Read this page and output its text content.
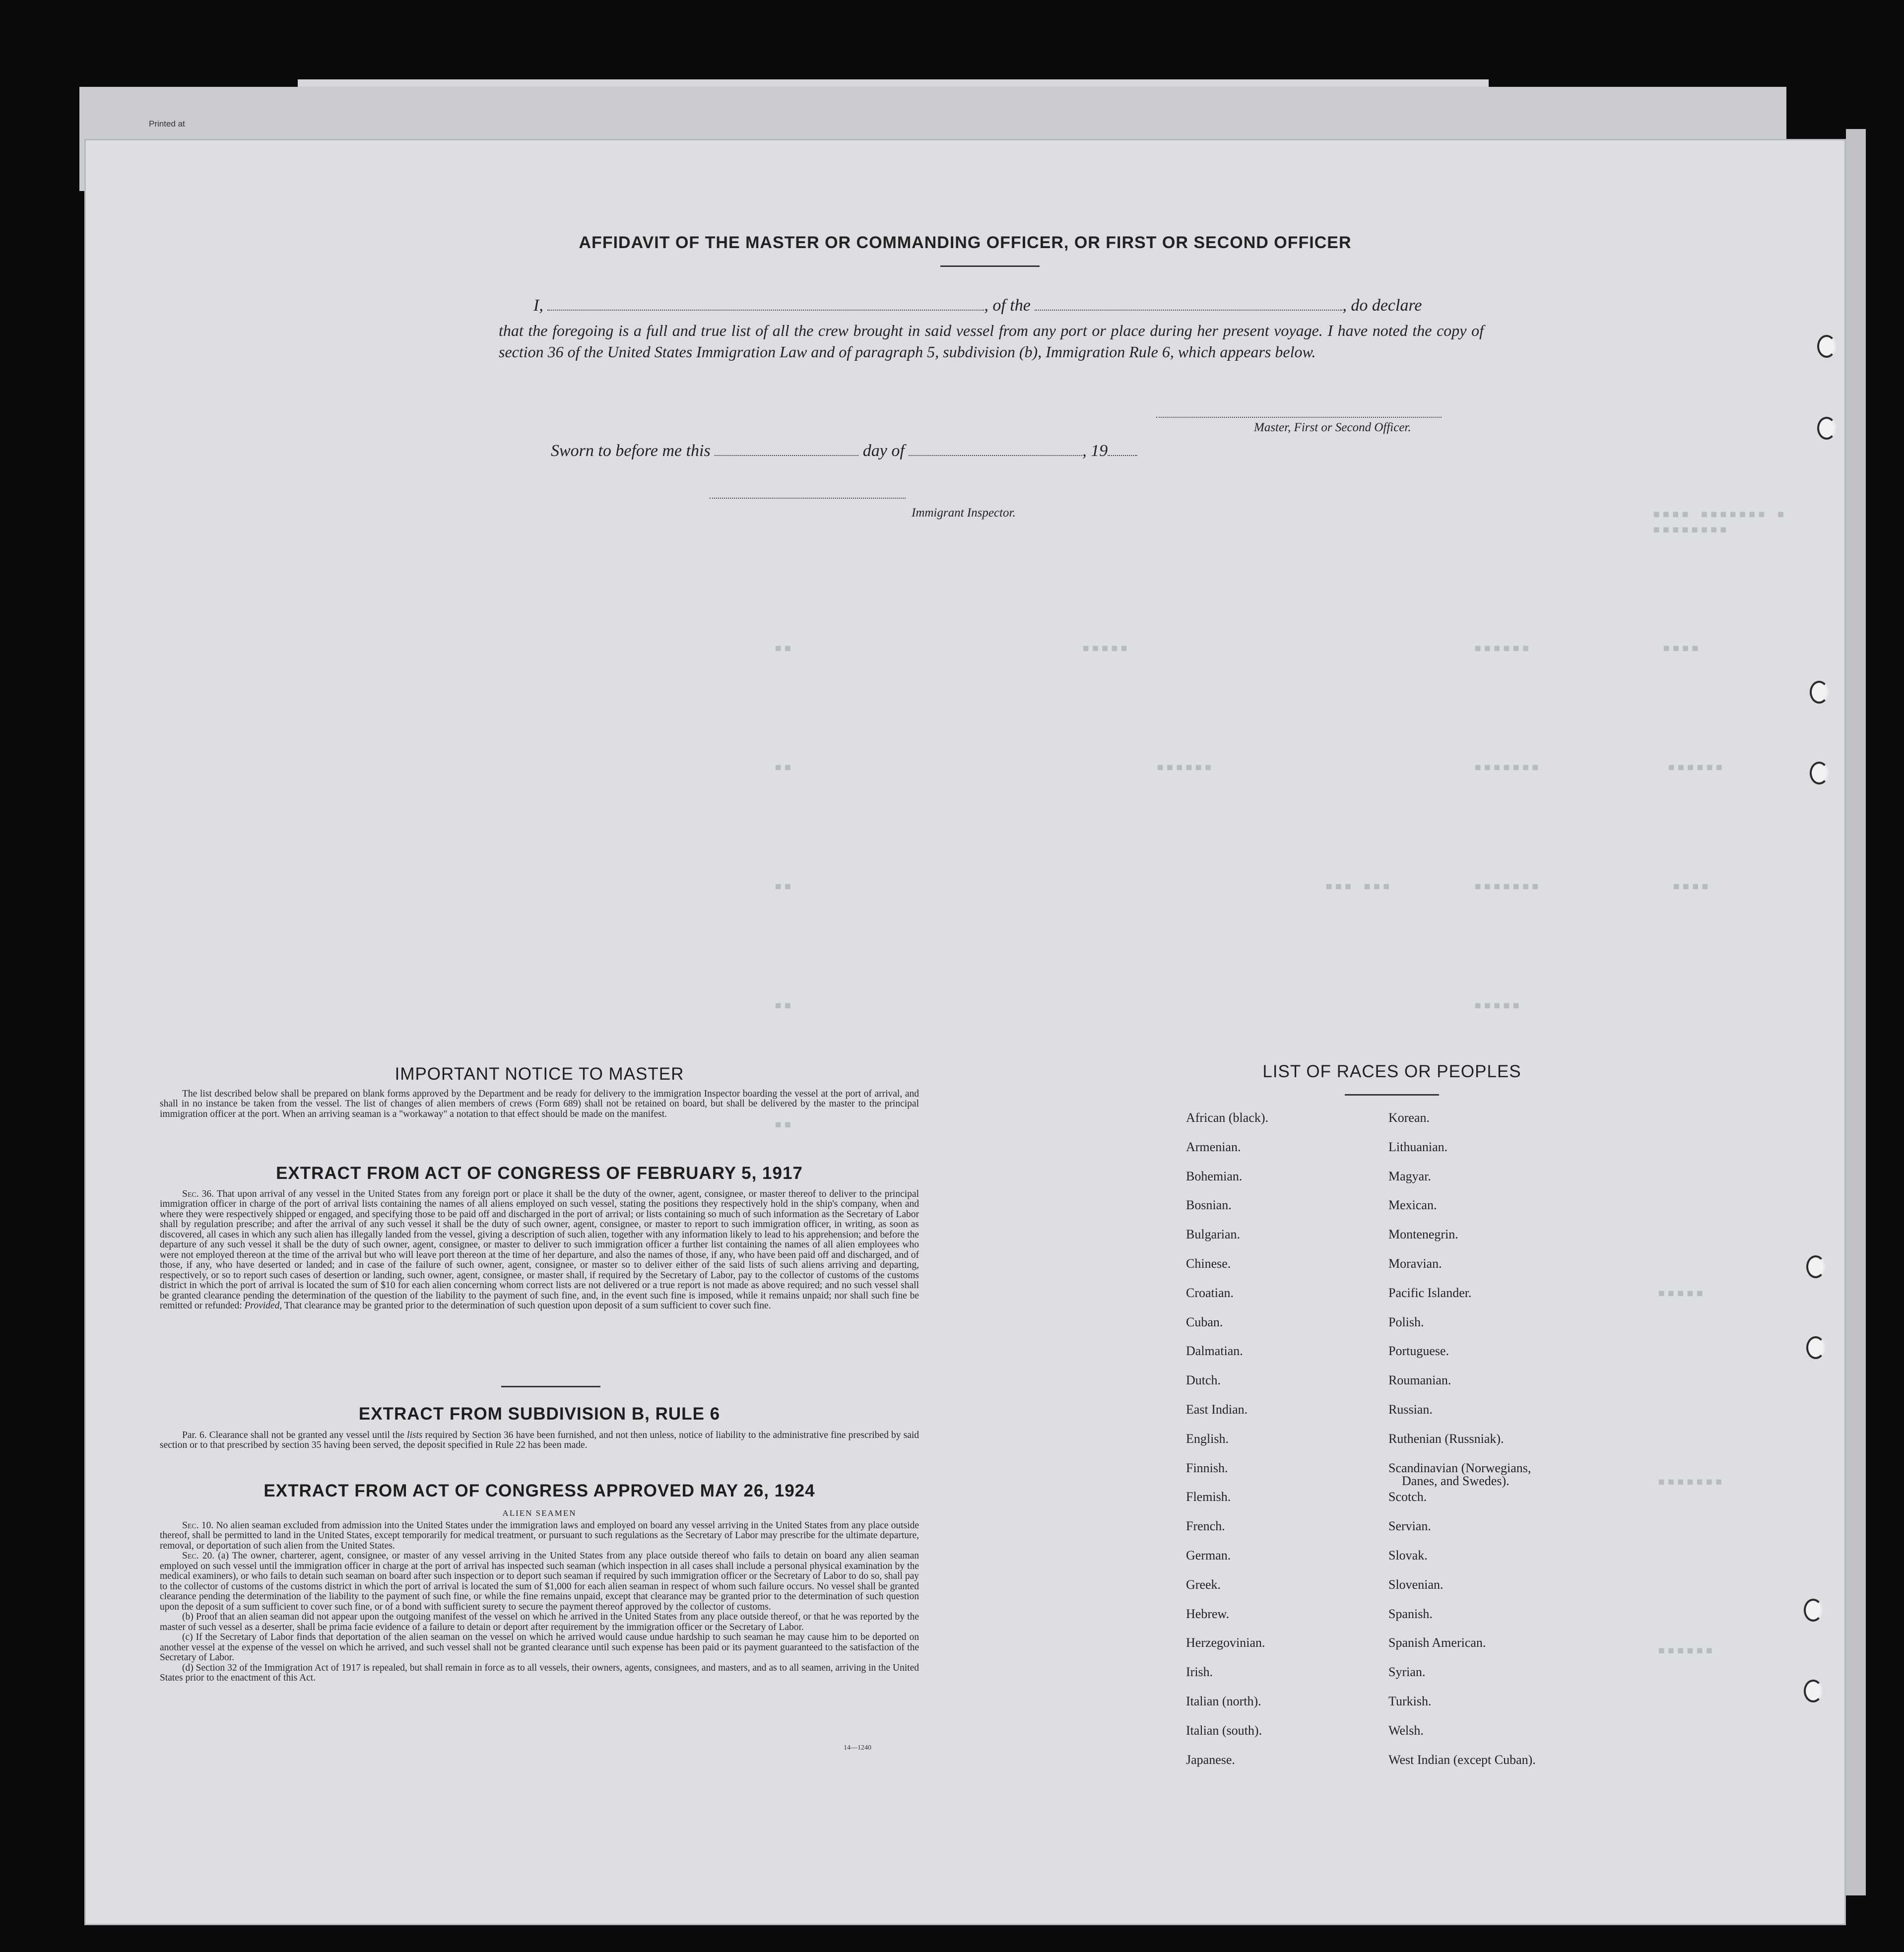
Printed at
▪▪▪▪ ▪▪▪▪▪▪▪ ▪ ▪▪▪▪▪▪▪▪
▪▪▪▪
▪▪▪▪▪▪
▪▪▪▪
▪▪▪▪▪▪
▪▪▪▪▪▪▪
▪▪▪▪▪▪▪
▪▪▪▪▪
▪▪▪▪▪
▪▪▪▪▪▪
▪▪▪ ▪▪▪
▪▪
▪▪
▪▪
▪▪
▪▪
▪▪▪▪▪
▪▪▪▪▪▪▪
▪▪▪▪▪▪
Master, First or Second Officer.
Sworn to before me this	day of	, 19
Immigrant Inspector.
IMPORTANT NOTICE TO MASTER

The list described below shall be prepared on blank forms approved by the Department and be ready for delivery to the immigration Inspector boarding the vessel at the port of arrival, and shall in no instance be taken from the vessel. The list of changes of alien members of crews (Form 689) shall not be retained on board, but shall be delivered by the master to the principal immigration officer at the port. When an arriving seaman is a "workaway" a notation to that effect should be made on the manifest.

EXTRACT FROM ACT OF CONGRESS OF FEBRUARY 5, 1917

Sec. 36. That upon arrival of any vessel in the United States from any foreign port or place it shall be the duty of the owner, agent, consignee, or master thereof to deliver to the principal immigration officer in charge of the port of arrival lists containing the names of all aliens employed on such vessel, stating the positions they respectively hold in the ship's company, when and where they were respectively shipped or engaged, and specifying those to be paid off and discharged in the port of arrival; or lists containing so much of such information as the Secretary of Labor shall by regulation prescribe; and after the arrival of any such vessel it shall be the duty of such owner, agent, consignee, or master to report to such immigration officer, in writing, as soon as discovered, all cases in which any such alien has illegally landed from the vessel, giving a description of such alien, together with any information likely to lead to his apprehension; and before the departure of any such vessel it shall be the duty of such owner, agent, consignee, or master to deliver to such immigration officer a further list containing the names of all alien employees who were not employed thereon at the time of the arrival but who will leave port thereon at the time of her departure, and also the names of those, if any, who have been paid off and discharged, and of those, if any, who have deserted or landed; and in case of the failure of such owner, agent, consignee, or master so to deliver either of the said lists of such aliens arriving and departing, respectively, or so to report such cases of desertion or landing, such owner, agent, consignee, or master shall, if required by the Secretary of Labor, pay to the collector of customs of the customs district in which the port of arrival is located the sum of $10 for each alien concerning whom correct lists are not delivered or a true report is not made as above required; and no such vessel shall be granted clearance pending the determination of the question of the liability to the payment of such fine, and, in the event such fine is imposed, while it remains unpaid; nor shall such fine be remitted or refunded: Provided, That clearance may be granted prior to the determination of such question upon deposit of a sum sufficient to cover such fine.

EXTRACT FROM SUBDIVISION B, RULE 6

Par. 6. Clearance shall not be granted any vessel until the lists required by Section 36 have been furnished, and not then unless, notice of liability to the administrative fine prescribed by said section or to that prescribed by section 35 having been served, the deposit specified in Rule 22 has been made.

EXTRACT FROM ACT OF CONGRESS APPROVED MAY 26, 1924
ALIEN SEAMEN

Sec. 10. No alien seaman excluded from admission into the United States under the immigration laws and employed on board any vessel arriving in the United States from any place outside thereof, shall be permitted to land in the United States, except temporarily for medical treatment, or pursuant to such regulations as the Secretary of Labor may prescribe for the ultimate departure, removal, or deportation of such alien from the United States.

Sec. 20. (a) The owner, charterer, agent, consignee, or master of any vessel arriving in the United States from any place outside thereof who fails to detain on board any alien seaman employed on such vessel until the immigration officer in charge at the port of arrival has inspected such seaman (which inspection in all cases shall include a personal physical examination by the medical examiners), or who fails to detain such seaman on board after such inspection or to deport such seaman if required by such immigration officer or the Secretary of Labor to do so, shall pay to the collector of customs of the customs district in which the port of arrival is located the sum of $1,000 for each alien seaman in respect of whom such failure occurs. No vessel shall be granted clearance pending the determination of the liability to the payment of such fine, or while the fine remains unpaid, except that clearance may be granted prior to the determination of such question upon the deposit of a sum sufficient to cover such fine, or of a bond with sufficient surety to secure the payment thereof approved by the collector of customs.

(b) Proof that an alien seaman did not appear upon the outgoing manifest of the vessel on which he arrived in the United States from any place outside thereof, or that he was reported by the master of such vessel as a deserter, shall be prima facie evidence of a failure to detain or deport after requirement by the immigration officer or the Secretary of Labor.

(c) If the Secretary of Labor finds that deportation of the alien seaman on the vessel on which he arrived would cause undue hardship to such seaman he may cause him to be deported on another vessel at the expense of the vessel on which he arrived, and such vessel shall not be granted clearance until such expense has been paid or its payment guaranteed to the satisfaction of the Secretary of Labor.

(d) Section 32 of the Immigration Act of 1917 is repealed, but shall remain in force as to all vessels, their owners, agents, consignees, and masters, and as to all seamen, arriving in the United States prior to the enactment of this Act.

14—1240
LIST OF RACES OR PEOPLES
African (black).
Armenian.
Bohemian.
Bosnian.
Bulgarian.
Chinese.
Croatian.
Cuban.
Dalmatian.
Dutch.
East Indian.
English.
Finnish.
Flemish.
French.
German.
Greek.
Hebrew.
Herzegovinian.
Irish.
Italian (north).
Italian (south).
Japanese.
Korean.
Lithuanian.
Magyar.
Mexican.
Montenegrin.
Moravian.
Pacific Islander.
Polish.
Portuguese.
Roumanian.
Russian.
Ruthenian (Russniak).
Scandinavian (Norwegians,
Danes, and Swedes).
Scotch.
Servian.
Slovak.
Slovenian.
Spanish.
Spanish American.
Syrian.
Turkish.
Welsh.
West Indian (except Cuban).
AFFIDAVIT OF THE MASTER OR COMMANDING OFFICER, OR FIRST OR SECOND OFFICER
I,	, of the	, do declare
that the foregoing is a full and true list of all the crew brought in said vessel from any port or place during her present voyage. I have noted the copy of section 36 of the United States Immigration Law and of paragraph 5, subdivision (b), Immigration Rule 6, which appears below.
